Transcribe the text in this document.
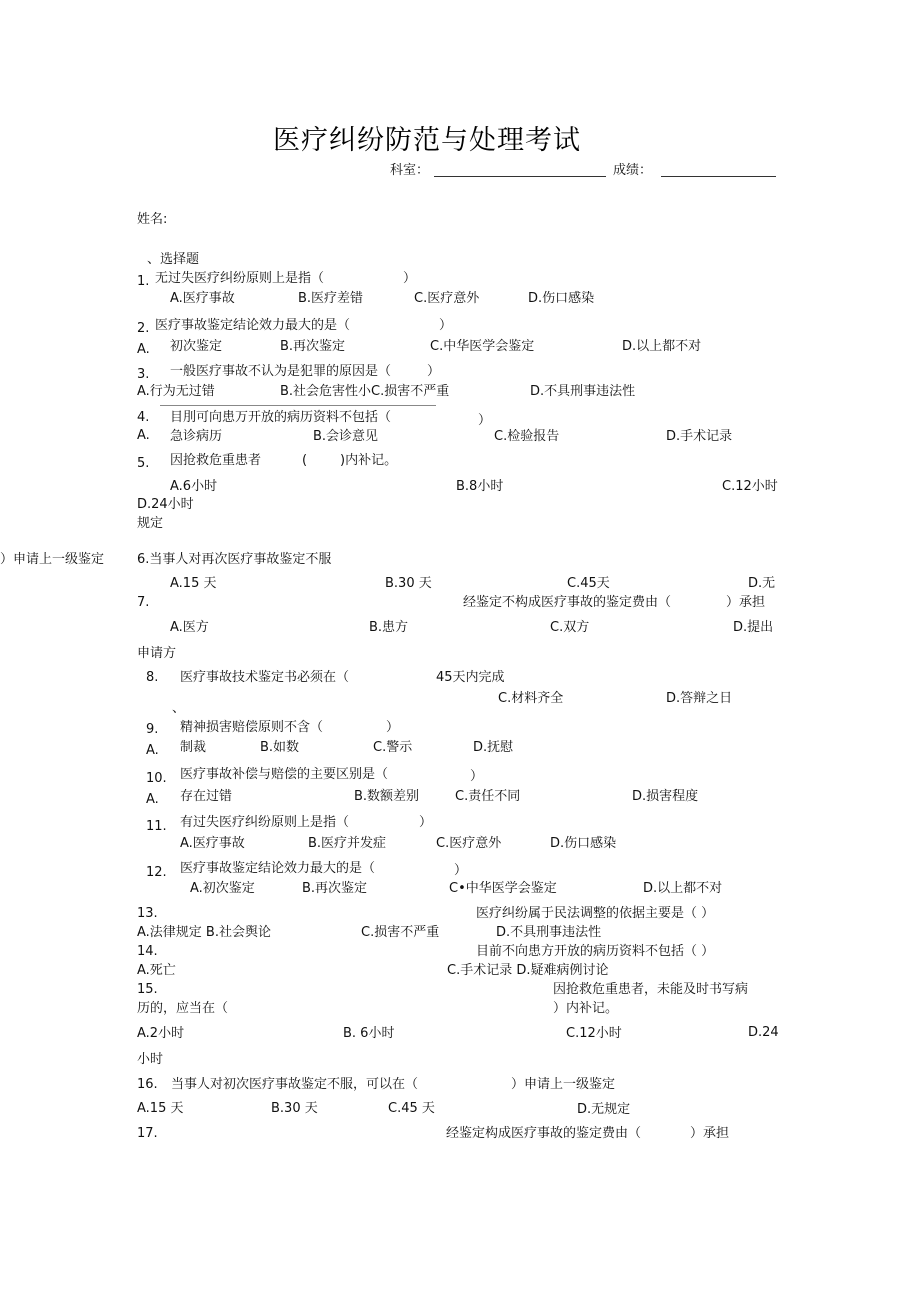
医疗纠纷防范与处理考试
科室：	成绩：
姓名:
、选择题
1. 无过失医疗纠纷原则上是指（	）
A.医疗事故	B.医疗差错	C.医疗意外	D.伤口感染
2. 医疗事故鉴定结论效力最大的是（	）
A. 初次鉴定	B.再次鉴定	C.中华医学会鉴定	D.以上都不对
3. 一般医疗事故不认为是犯罪的原因是（	）
A.行为无过错	B.社会危害性小C.损害不严重	D.不具刑事违法性
4. 目刖可向患万开放的病历资料不包括（	）
A. 急诊病历	B.会诊意见	C.检验报告	D.手术记录
5. 因抢救危重患者	(	)内补记。
A.6小时	B.8小时	C.12小时
D.24小时
规定
）申请上一级鉴定	6.当事人对再次医疗事故鉴定不服
A.15 天	B.30 天	C.45天	D.无
7.	经鉴定不构成医疗事故的鉴定费由（	）承担
A.医方	B.患方	C.双方	D.提出
申请方
8. 医疗事故技术鉴定书必须在（	45天内完成
、
C.材料齐全	D.答辩之日
9. 精神损害赔偿原则不含（	）
A. 制裁	B.如数	C.警示	D.抚慰
10. 医疗事故补偿与赔偿的主要区别是（	）
A. 存在过错	B.数额差别	C.责任不同	D.损害程度
11. 有过失医疗纠纷原则上是指（	）
A.医疗事故	B.医疗并发症	C.医疗意外	D.伤口感染
12. 医疗事故鉴定结论效力最大的是（	）
A.初次鉴定	B.再次鉴定	C•中华医学会鉴定	D.以上都不对
13.	医疗纠纷属于民法调整的依据主要是（ ）
A.法律规定 B.社会舆论	C.损害不严重	D.不具刑事违法性
14.	目前不向患方开放的病历资料不包括（ ）
A.死亡	C.手术记录 D.疑难病例讨论
15.	因抢救危重患者，未能及时书写病
历的，应当在（	）内补记。
A.2小时	B. 6小时	C.12小时	D.24
小时
16. 当事人对初次医疗事故鉴定不服，可以在（	）申请上一级鉴定
A.15 天	B.30 天	C.45 天	D.无规定
17.	经鉴定构成医疗事故的鉴定费由（	）承担
